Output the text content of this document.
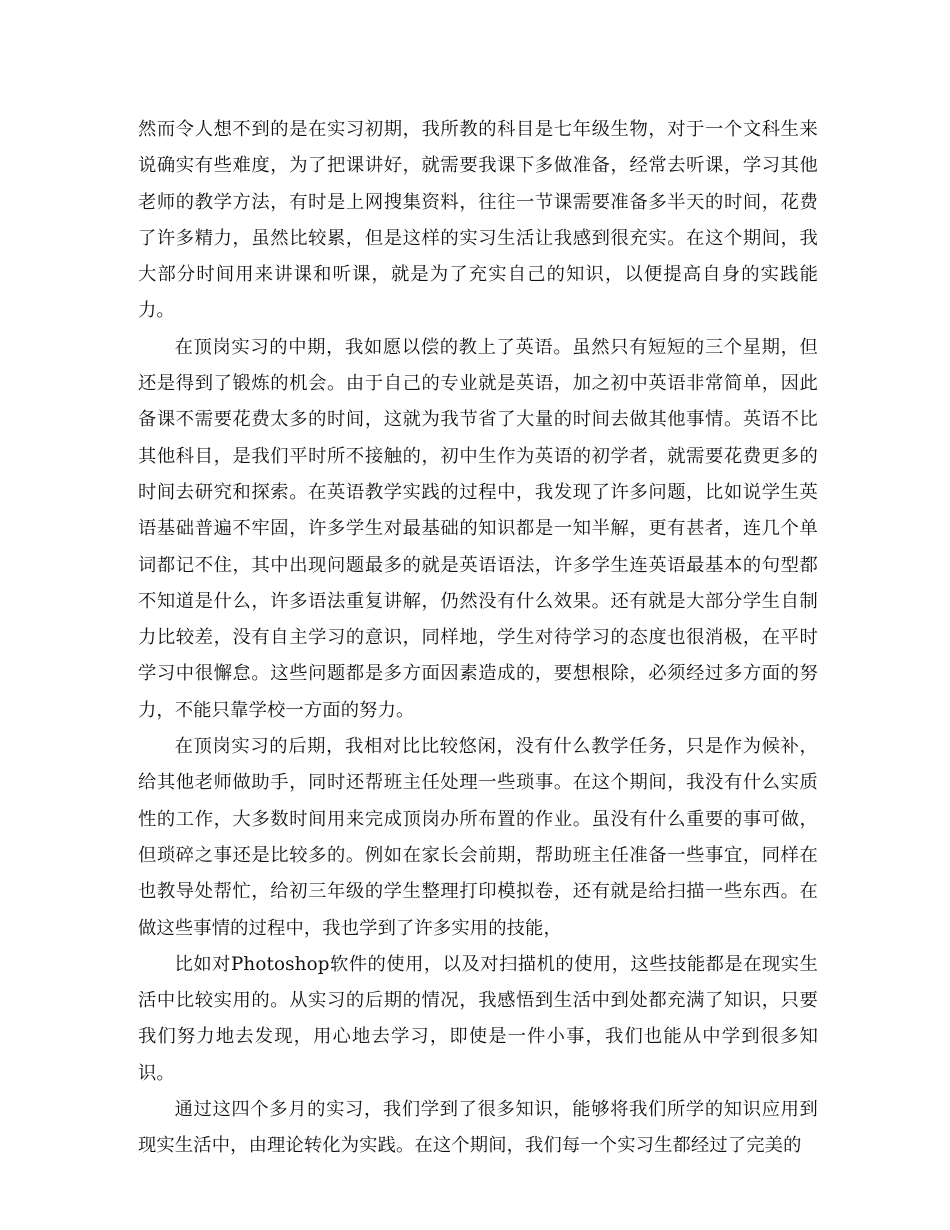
然而令人想不到的是在实习初期，我所教的科目是七年级生物，对于一个文科生来说确实有些难度，为了把课讲好，就需要我课下多做准备，经常去听课，学习其他老师的教学方法，有时是上网搜集资料，往往一节课需要准备多半天的时间，花费了许多精力，虽然比较累，但是这样的实习生活让我感到很充实。在这个期间，我大部分时间用来讲课和听课，就是为了充实自己的知识，以便提高自身的实践能力。

在顶岗实习的中期，我如愿以偿的教上了英语。虽然只有短短的三个星期，但还是得到了锻炼的机会。由于自己的专业就是英语，加之初中英语非常简单，因此备课不需要花费太多的时间，这就为我节省了大量的时间去做其他事情。英语不比其他科目，是我们平时所不接触的，初中生作为英语的初学者，就需要花费更多的时间去研究和探索。在英语教学实践的过程中，我发现了许多问题，比如说学生英语基础普遍不牢固，许多学生对最基础的知识都是一知半解，更有甚者，连几个单词都记不住，其中出现问题最多的就是英语语法，许多学生连英语最基本的句型都不知道是什么，许多语法重复讲解，仍然没有什么效果。还有就是大部分学生自制力比较差，没有自主学习的意识，同样地，学生对待学习的态度也很消极，在平时学习中很懈怠。这些问题都是多方面因素造成的，要想根除，必须经过多方面的努力，不能只靠学校一方面的努力。

在顶岗实习的后期，我相对比比较悠闲，没有什么教学任务，只是作为候补，给其他老师做助手，同时还帮班主任处理一些琐事。在这个期间，我没有什么实质性的工作，大多数时间用来完成顶岗办所布置的作业。虽没有什么重要的事可做，但琐碎之事还是比较多的。例如在家长会前期，帮助班主任准备一些事宜，同样在也教导处帮忙，给初三年级的学生整理打印模拟卷，还有就是给扫描一些东西。在做这些事情的过程中，我也学到了许多实用的技能，

比如对Photoshop软件的使用，以及对扫描机的使用，这些技能都是在现实生活中比较实用的。从实习的后期的情况，我感悟到生活中到处都充满了知识，只要我们努力地去发现，用心地去学习，即使是一件小事，我们也能从中学到很多知识。

通过这四个多月的实习，我们学到了很多知识，能够将我们所学的知识应用到现实生活中，由理论转化为实践。在这个期间，我们每一个实习生都经过了完美的
